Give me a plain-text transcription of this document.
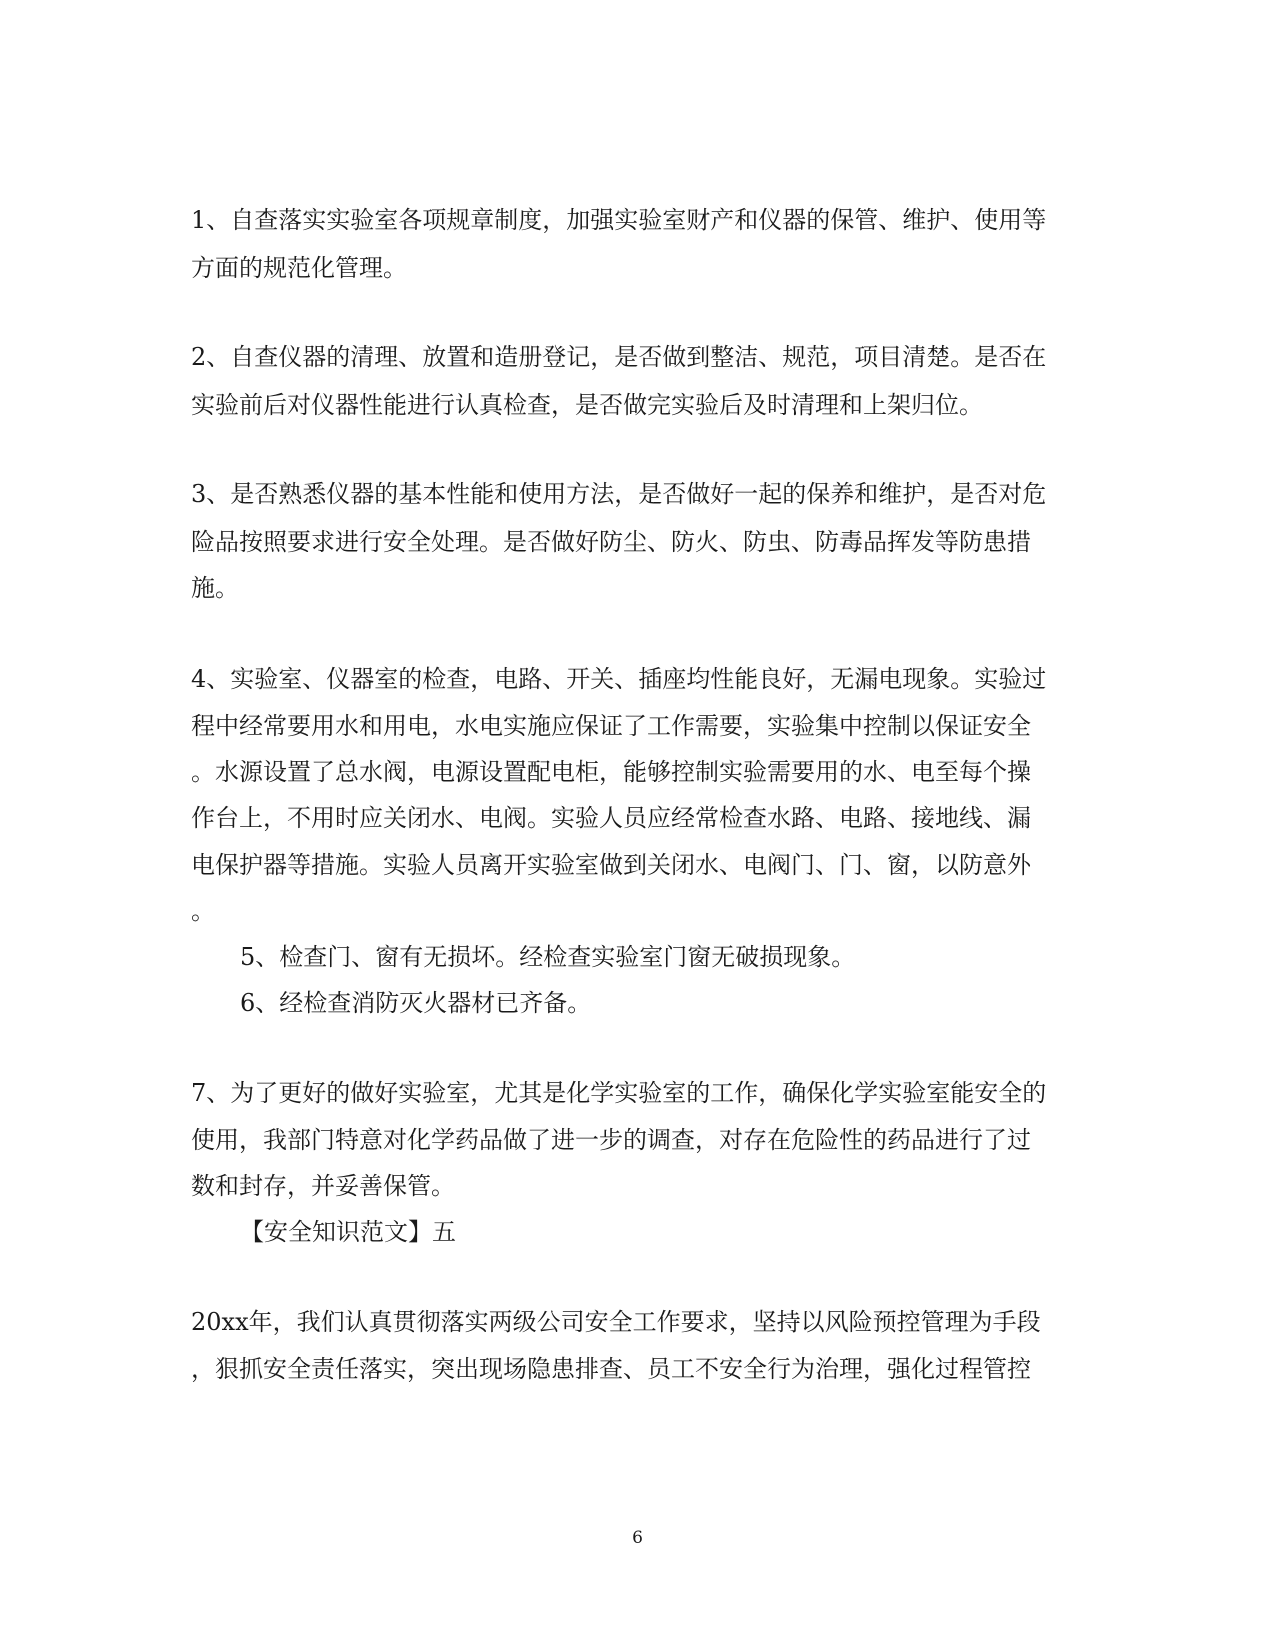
1、自查落实实验室各项规章制度，加强实验室财产和仪器的保管、维护、使用等
方面的规范化管理。
2、自查仪器的清理、放置和造册登记，是否做到整洁、规范，项目清楚。是否在
实验前后对仪器性能进行认真检查，是否做完实验后及时清理和上架归位。
3、是否熟悉仪器的基本性能和使用方法，是否做好一起的保养和维护，是否对危
险品按照要求进行安全处理。是否做好防尘、防火、防虫、防毒品挥发等防患措
施。
4、实验室、仪器室的检查，电路、开关、插座均性能良好，无漏电现象。实验过
程中经常要用水和用电，水电实施应保证了工作需要，实验集中控制以保证安全
。水源设置了总水阀，电源设置配电柜，能够控制实验需要用的水、电至每个操
作台上，不用时应关闭水、电阀。实验人员应经常检查水路、电路、接地线、漏
电保护器等措施。实验人员离开实验室做到关闭水、电阀门、门、窗，以防意外
。
5、检查门、窗有无损坏。经检查实验室门窗无破损现象。
6、经检查消防灭火器材已齐备。
7、为了更好的做好实验室，尤其是化学实验室的工作，确保化学实验室能安全的
使用，我部门特意对化学药品做了进一步的调查，对存在危险性的药品进行了过
数和封存，并妥善保管。
【安全知识范文】五
20xx年，我们认真贯彻落实两级公司安全工作要求，坚持以风险预控管理为手段
，狠抓安全责任落实，突出现场隐患排查、员工不安全行为治理，强化过程管控
6
